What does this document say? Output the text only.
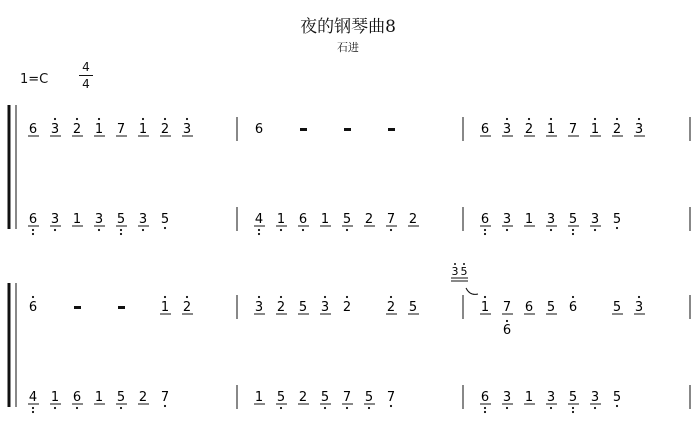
夜的钢琴曲8
石进
1=C
4
4
6 3 2 1 7 1 2 3	6	6 3 2 1 7 1 2 3
6 3 1 3 5 3 5	4 1 6 1 5 2 7 2	6 3 1 3 5 3 5
6	1 2	3 2 5 3 2	2 5	1 7 6 5 6	5 3
4 1 6 1 5 2 7	1 5 2 5 7 5 7	6 3 1 3 5 3 5
3 5
6
